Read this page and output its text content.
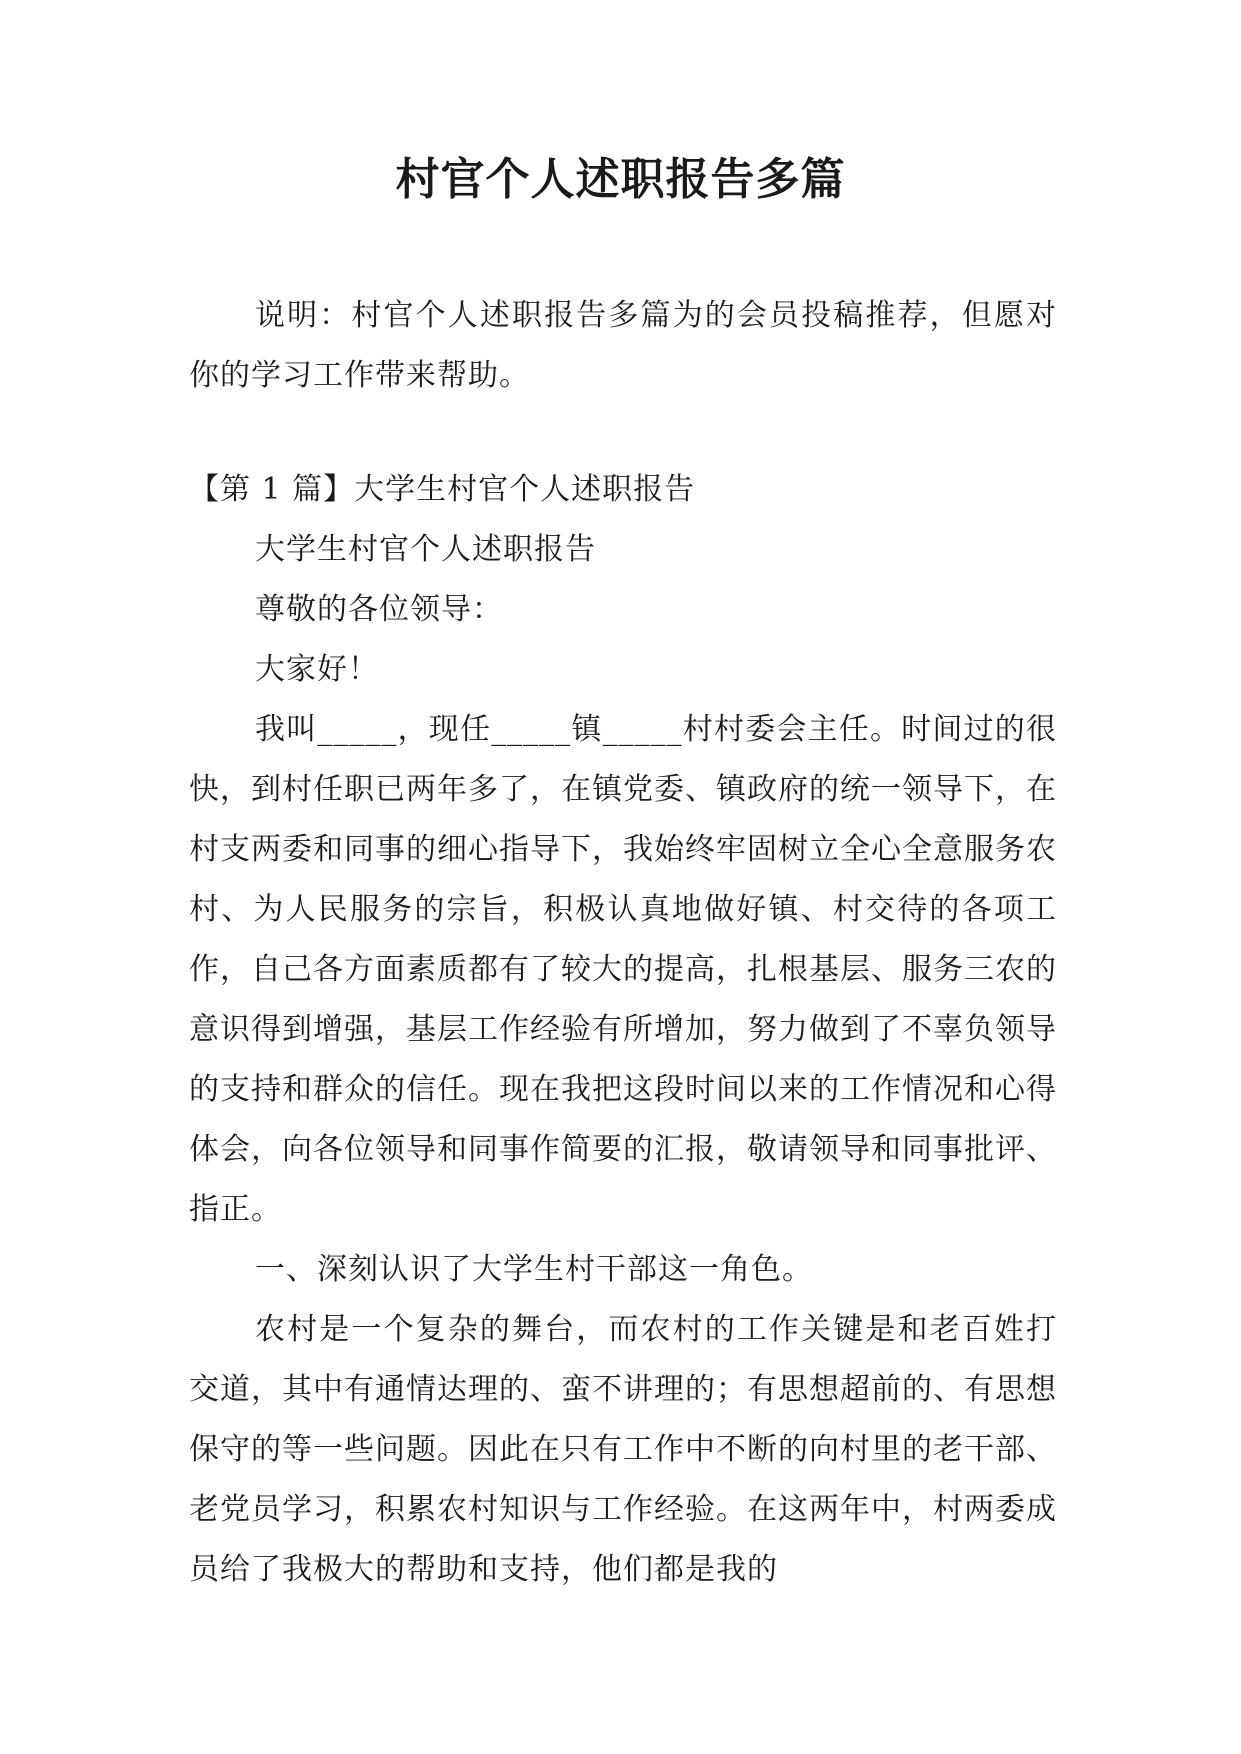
村官个人述职报告多篇

说明：村官个人述职报告多篇为的会员投稿推荐，但愿对你的学习工作带来帮助。

【第 1 篇】大学生村官个人述职报告

大学生村官个人述职报告

尊敬的各位领导：

大家好！

我叫_____，现任_____镇_____村村委会主任。时间过的很快，到村任职已两年多了，在镇党委、镇政府的统一领导下，在村支两委和同事的细心指导下，我始终牢固树立全心全意服务农村、为人民服务的宗旨，积极认真地做好镇、村交待的各项工作，自己各方面素质都有了较大的提高，扎根基层、服务三农的意识得到增强，基层工作经验有所增加，努力做到了不辜负领导的支持和群众的信任。现在我把这段时间以来的工作情况和心得体会，向各位领导和同事作简要的汇报，敬请领导和同事批评、指正。

一、深刻认识了大学生村干部这一角色。

农村是一个复杂的舞台，而农村的工作关键是和老百姓打交道，其中有通情达理的、蛮不讲理的；有思想超前的、有思想保守的等一些问题。因此在只有工作中不断的向村里的老干部、老党员学习，积累农村知识与工作经验。在这两年中，村两委成员给了我极大的帮助和支持，他们都是我的
